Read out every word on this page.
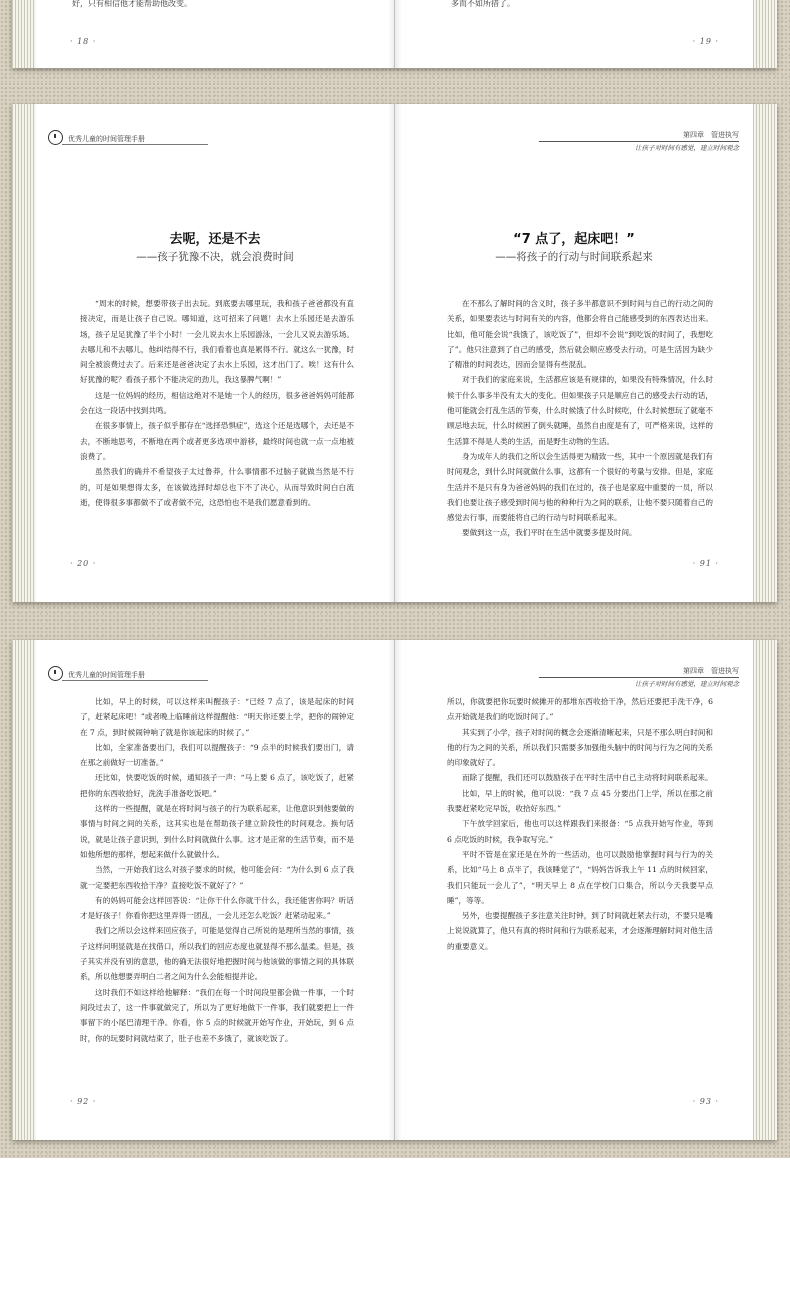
好，只有相信他才能帮助他改变。
· 18 ·
多而不如所措了。
· 19 ·
优秀儿童的时间管理手册
去呢，还是不去
——孩子犹豫不决，就会浪费时间

“周末的时候，想要带孩子出去玩。到底要去哪里玩，我和孩子爸爸都没有直接决定，而是让孩子自己说。哪知道，这可招来了问题！去水上乐园还是去游乐场，孩子足足犹豫了半个小时！一会儿说去水上乐园游泳，一会儿又说去游乐场。去哪儿和不去哪儿，他纠结得不行，我们看着也真是累得不行。就这么一犹豫，时间全被浪费过去了。后来还是爸爸决定了去水上乐园，这才出门了。唉！这有什么好犹豫的呢？看孩子那个不能决定的劲儿，我这暴脾气啊！”

这是一位妈妈的经历，相信这绝对不是她一个人的经历，很多爸爸妈妈可能都会在这一段话中找到共鸣。

在很多事情上，孩子似乎都存在“选择恐惧症”，选这个还是选哪个，去还是不去，不断地思考，不断地在两个或者更多选项中游移，最终时间也就一点一点地被浪费了。

虽然我们的确并不希望孩子太过鲁莽，什么事情都不过脑子就做当然是不行的，可是如果想得太多，在该做选择时却总也下不了决心，从而导致时间白白流逝，使得很多事都做不了或者做不完，这恐怕也不是我们愿意看到的。

· 20 ·
第四章　管进执写
让孩子对时间有感觉，建立时间观念
“7 点了，起床吧！”
——将孩子的行动与时间联系起来

在不那么了解时间的含义时，孩子多半都意识不到时间与自己的行动之间的关系，如果要表达与时间有关的内容，他都会将自己能感受到的东西表达出来。比如，他可能会说“我饿了，该吃饭了”，但却不会说“到吃饭的时间了，我想吃了”。他只注意到了自己的感受，然后就会顺应感受去行动，可是生活因为缺少了精准的时间表达，因而会显得有些混乱。

对于我们的家庭来说，生活都应该是有规律的，如果没有特殊情况，什么时候干什么事多半没有太大的变化。但如果孩子只是顺应自己的感受去行动的话，他可能就会打乱生活的节奏，什么时候饿了什么时候吃，什么时候想玩了就毫不顾忌地去玩，什么时候困了倒头就睡，虽然自由度是有了，可严格来说，这样的生活算不得是人类的生活，而是野生动物的生活。

身为成年人的我们之所以会生活得更为精致一些，其中一个原因就是我们有时间观念，到什么时间就做什么事，这都有一个很好的考量与安排。但是，家庭生活并不是只有身为爸爸妈妈的我们在过的，孩子也是家庭中重要的一员，所以我们也要让孩子感受到时间与他的种种行为之间的联系，让他不要只随着自己的感觉去行事，而要能将自己的行动与时间联系起来。

要做到这一点，我们平时在生活中就要多提及时间。

· 91 ·
优秀儿童的时间管理手册

比如，早上的时候，可以这样来叫醒孩子：“已经 7 点了，该是起床的时间了，赶紧起床吧！”或者晚上临睡前这样提醒他：“明天你还要上学，把你的闹钟定在 7 点，到时候闹钟响了就是你该起床的时候了。”

比如，全家准备要出门，我们可以提醒孩子：“9 点半的时候我们要出门，请在那之前做好一切准备。”

还比如，快要吃饭的时候，通知孩子一声：“马上要 6 点了，该吃饭了，赶紧把你的东西收拾好，洗洗手准备吃饭吧。”

这样的一些提醒，就是在将时间与孩子的行为联系起来，让他意识到他要做的事情与时间之间的关系，这其实也是在帮助孩子建立阶段性的时间观念。换句话说，就是让孩子意识到，到什么时间就做什么事。这才是正常的生活节奏，而不是如他所想的那样，想起来做什么就做什么。

当然，一开始我们这么对孩子要求的时候，他可能会问：“为什么到 6 点了我就一定要把东西收拾干净？直接吃饭不就好了？”

有的妈妈可能会这样回答说：“让你干什么你就干什么，我还能害你吗？听话才是好孩子！你看你把这里弄得一团乱，一会儿还怎么吃饭？赶紧动起来。”

我们之所以会这样来回应孩子，可能是觉得自己所说的是理所当然的事情，孩子这样问明显就是在找借口，所以我们的回应态度也就显得不那么温柔。但是，孩子其实并没有别的意思，他的确无法很好地把握时间与他该做的事情之间的具体联系，所以他想要弄明白二者之间为什么会能相提并论。

这时我们不如这样给他解释：“我们在每一个时间段里都会做一件事，一个时间段过去了，这一件事就做完了，所以为了更好地做下一件事，我们就要把上一件事留下的小尾巴清理干净。你看，你 5 点的时候就开始写作业，开始玩，到 6 点时，你的玩要时间就结束了，肚子也差不多饿了，就该吃饭了。

· 92 ·
第四章　管进执写
让孩子对时间有感觉，建立时间观念

所以，你就要把你玩要时候摊开的那堆东西收拾干净，然后还要把手洗干净，6 点开始就是我们的吃饭时间了。”

其实到了小学，孩子对时间的概念会逐渐清晰起来，只是不那么明白时间和他的行为之间的关系，所以我们只需要多加强他头脑中的时间与行为之间的关系的印象就好了。

而除了提醒，我们还可以鼓励孩子在平时生活中自己主动将时间联系起来。

比如，早上的时候，他可以说：“我 7 点 45 分要出门上学，所以在那之前我要赶紧吃完早饭，收拾好东西。”

下午放学回家后，他也可以这样跟我们来报备：“5 点我开始写作业，等到 6 点吃饭的时候，我争取写完。”

平时不管是在家还是在外的一些活动，也可以鼓励他掌握时间与行为的关系，比如“马上 8 点半了，我该睡觉了”，“妈妈告诉我上午 11 点的时候回家，我们只能玩一会儿了”，“明天早上 8 点在学校门口集合，所以今天我要早点睡”，等等。

另外，也要提醒孩子多注意关注时钟，到了时间就赶紧去行动，不要只是嘴上说说就算了，他只有真的将时间和行为联系起来，才会逐渐理解时间对他生活的重要意义。

· 93 ·
